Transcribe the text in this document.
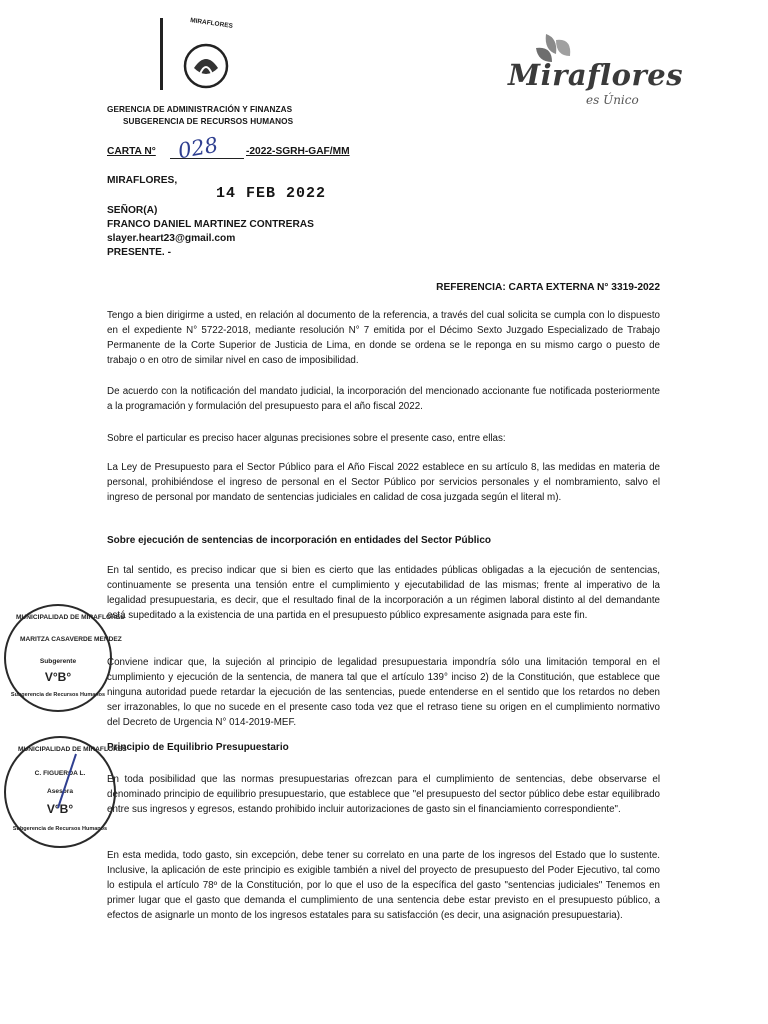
MIRAFLORES
Miraflores
es Único
GERENCIA DE ADMINISTRACIÓN Y FINANZAS
SUBGERENCIA DE RECURSOS HUMANOS
CARTA N° 028	-2022-SGRH-GAF/MM
MIRAFLORES,
14 FEB 2022
SEÑOR(A)
FRANCO DANIEL MARTINEZ CONTRERAS
slayer.heart23@gmail.com
PRESENTE. -
REFERENCIA: CARTA EXTERNA N° 3319-2022
Tengo a bien dirigirme a usted, en relación al documento de la referencia, a través del cual solicita se cumpla con lo dispuesto en el expediente N° 5722-2018, mediante resolución N° 7 emitida por el Décimo Sexto Juzgado Especializado de Trabajo Permanente de la Corte Superior de Justicia de Lima, en donde se ordena se le reponga en su mismo cargo o puesto de trabajo o en otro de similar nivel en caso de imposibilidad.
De acuerdo con la notificación del mandato judicial, la incorporación del mencionado accionante fue notificada posteriormente a la programación y formulación del presupuesto para el año fiscal 2022.
Sobre el particular es preciso hacer algunas precisiones sobre el presente caso, entre ellas:
La Ley de Presupuesto para el Sector Público para el Año Fiscal 2022 establece en su artículo 8, las medidas en materia de personal, prohibiéndose el ingreso de personal en el Sector Público por servicios personales y el nombramiento, salvo el ingreso de personal por mandato de sentencias judiciales en calidad de cosa juzgada según el literal m).
Sobre ejecución de sentencias de incorporación en entidades del Sector Público
En tal sentido, es preciso indicar que si bien es cierto que las entidades públicas obligadas a la ejecución de sentencias, continuamente se presenta una tensión entre el cumplimiento y ejecutabilidad de las mismas; frente al imperativo de la legalidad presupuestaria, es decir, que el resultado final de la incorporación a un régimen laboral distinto al del demandante está supeditado a la existencia de una partida en el presupuesto público expresamente asignada para este fin.
Conviene indicar que, la sujeción al principio de legalidad presupuestaria impondría sólo una limitación temporal en el cumplimiento y ejecución de la sentencia, de manera tal que el artículo 139° inciso 2) de la Constitución, que establece que ninguna autoridad puede retardar la ejecución de las sentencias, puede entenderse en el sentido que los retardos no deben ser irrazonables, lo que no sucede en el presente caso toda vez que el retraso tiene su origen en el cumplimiento normativo del Decreto de Urgencia N° 014-2019-MEF.
Principio de Equilibrio Presupuestario
En toda posibilidad que las normas presupuestarias ofrezcan para el cumplimiento de sentencias, debe observarse el denominado principio de equilibrio presupuestario, que establece que "el presupuesto del sector público debe estar equilibrado entre sus ingresos y egresos, estando prohibido incluir autorizaciones de gasto sin el financiamiento correspondiente".
En esta medida, todo gasto, sin excepción, debe tener su correlato en una parte de los ingresos del Estado que lo sustente. Inclusive, la aplicación de este principio es exigible también a nivel del proyecto de presupuesto del Poder Ejecutivo, tal como lo estipula el artículo 78º de la Constitución, por lo que el uso de la específica del gasto "sentencias judiciales" Tenemos en primer lugar que el gasto que demanda el cumplimiento de una sentencia debe estar previsto en el presupuesto público, a efectos de asignarle un monto de los ingresos estatales para su satisfacción (es decir, una asignación presupuestaria).
MUNICIPALIDAD DE MIRAFLORES
MARITZA CASAVERDE MENDEZ
Subgerente
V°B°
Subgerencia de Recursos Humanos
MUNICIPALIDAD DE MIRAFLORES
C. FIGUEROA L.
Asesora
V°B°
Subgerencia de Recursos Humanos
